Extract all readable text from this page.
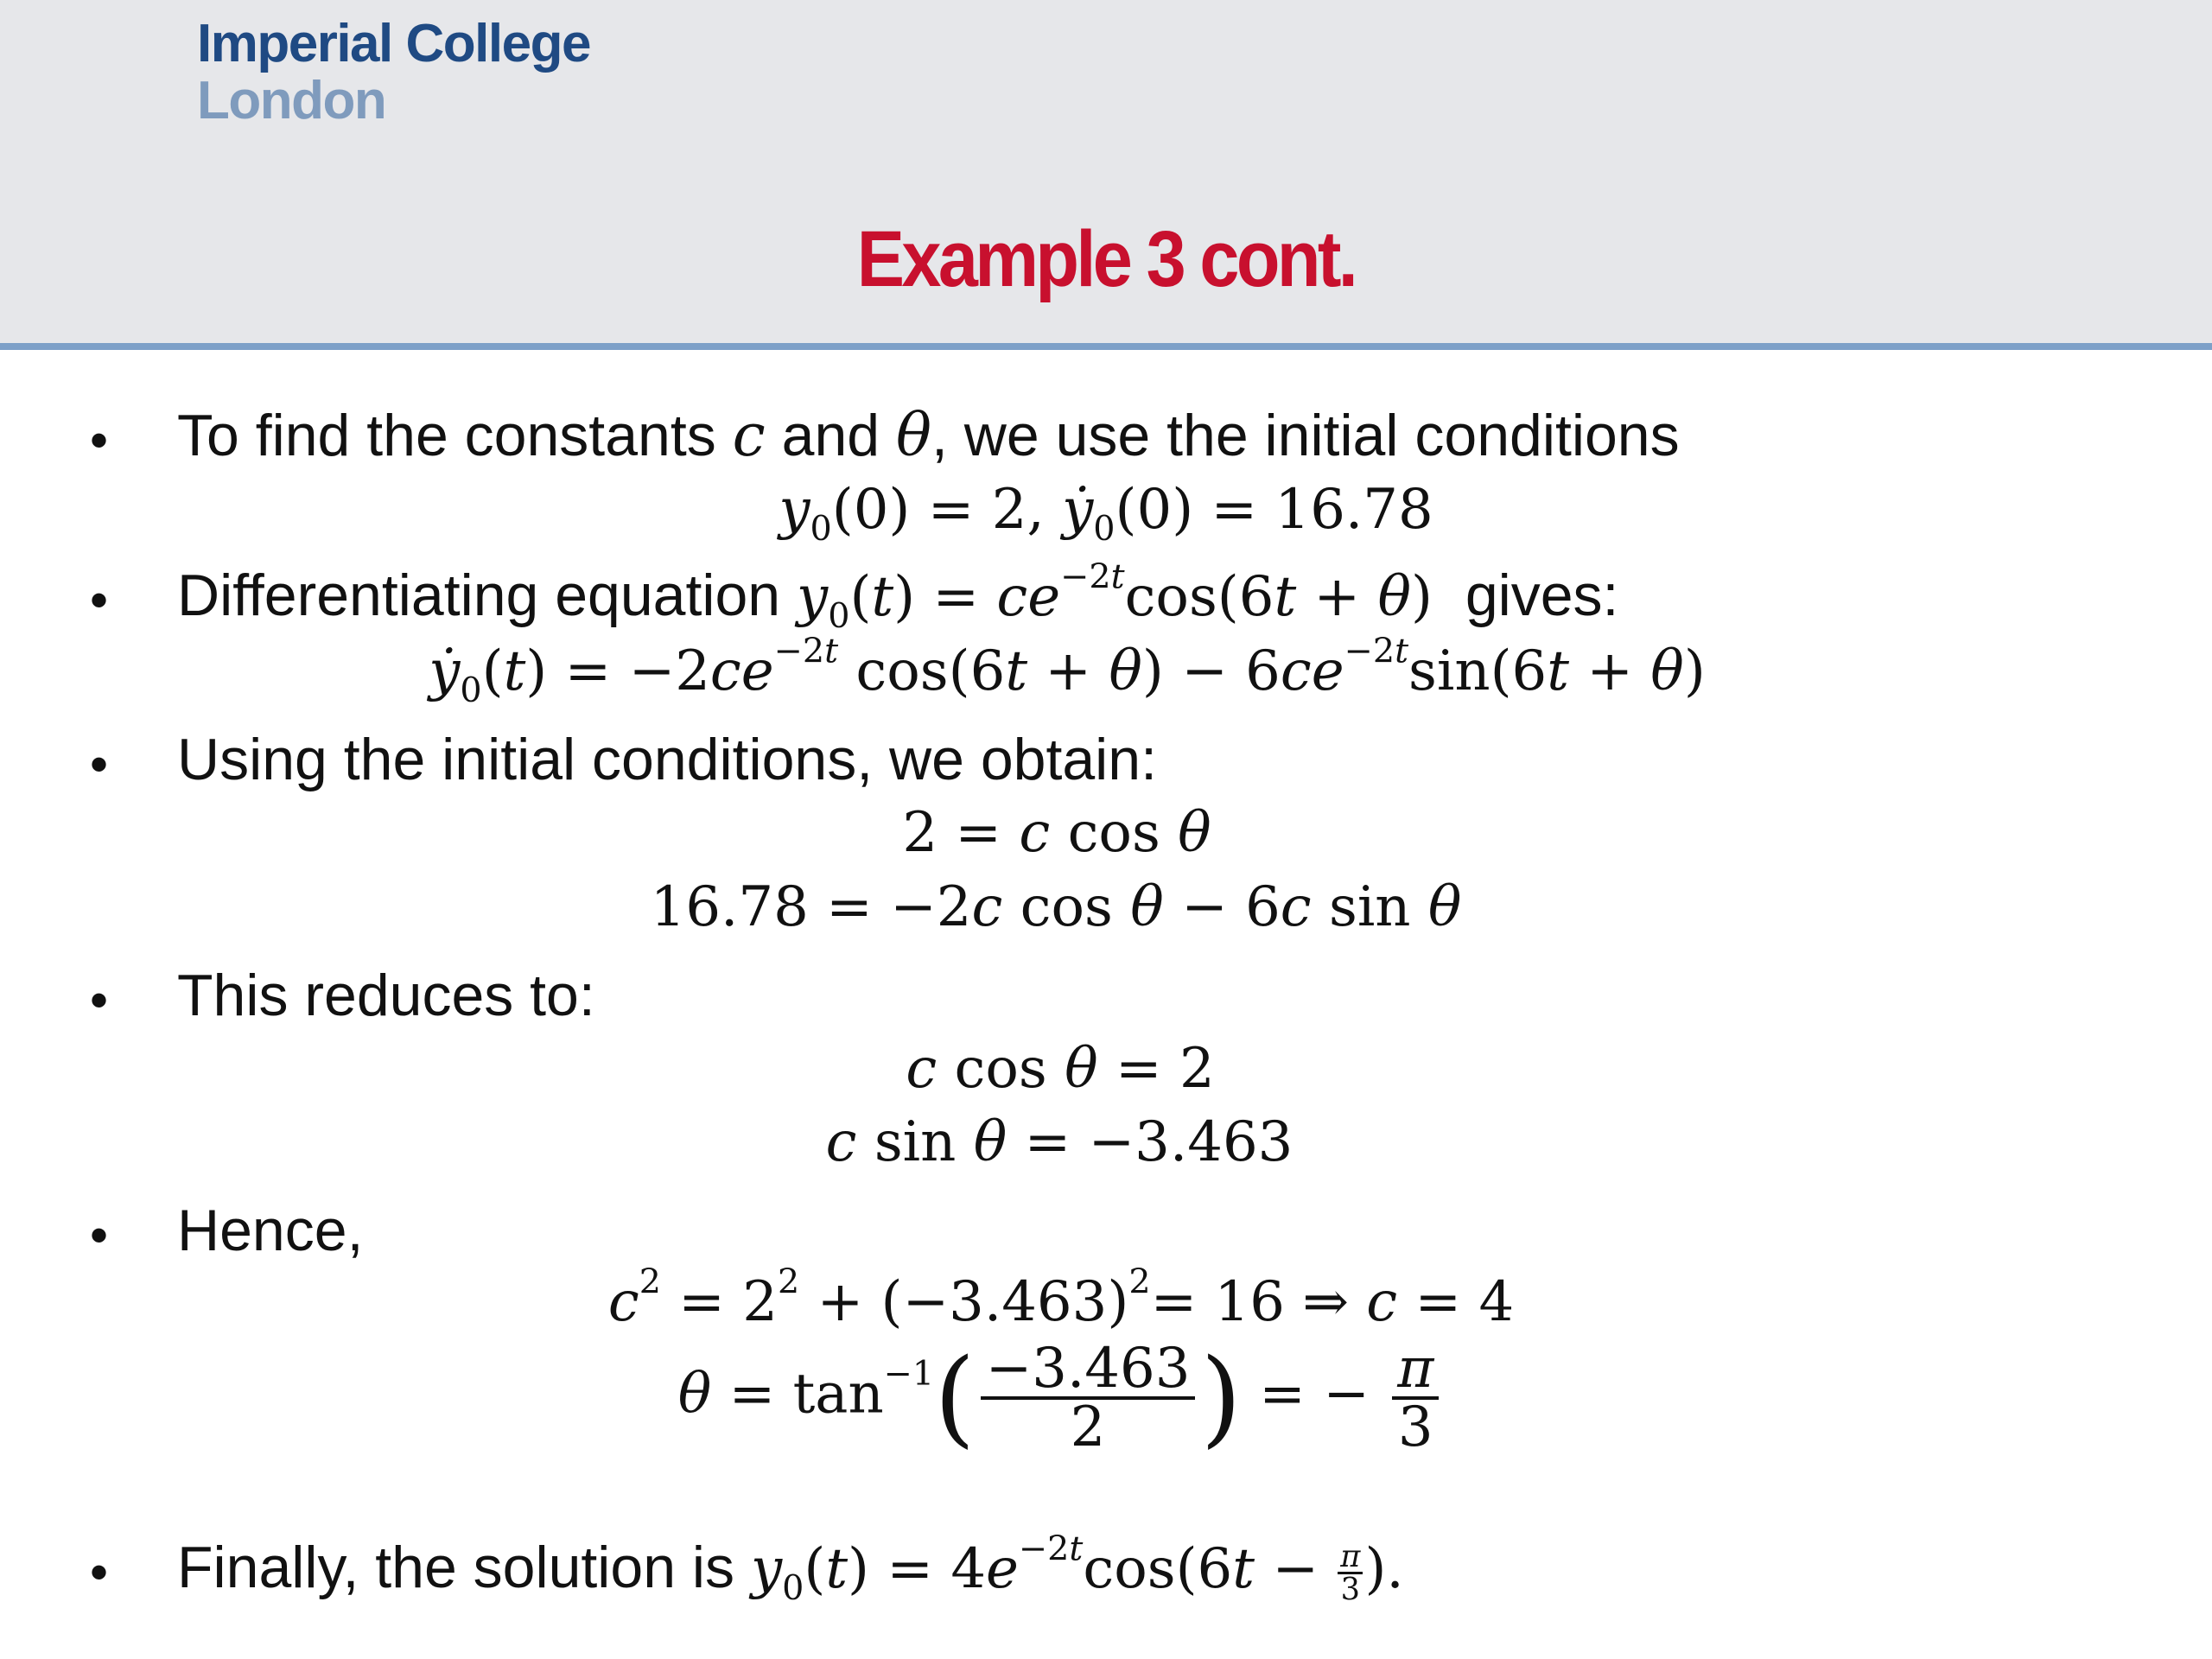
Imperial College
London
Example 3 cont.
• To find the constants c and θ, we use the initial conditions
$y_0(0) = 2$, ẏ$_0$(0) = 16.78
• Differentiating equation $y_0(t) = ce^{-2t}\cos(6t + \theta)$ gives:
ẏ$_0$(t) = $-2ce^{-2t}$ $\cos(6t + \theta) - 6ce^{-2t}\sin(6t + \theta)$
• Using the initial conditions, we obtain:
2 = c cos θ
16.78 = −2c cos θ − 6c sin θ
• This reduces to:
c cos θ = 2
c sin θ = −3.463
• Hence,
$c^2 = 2^2 + (-3.463)^2= 16$ ⇒ c = 4
$\theta = \tan^{-1}( \frac{-3.463}{2}$ ) = − $\frac{\pi}{3}$
• Finally, the solution is $y_0(t) = 4e^{-2t}\cos(6t - \frac{\pi}{3}$ ).
